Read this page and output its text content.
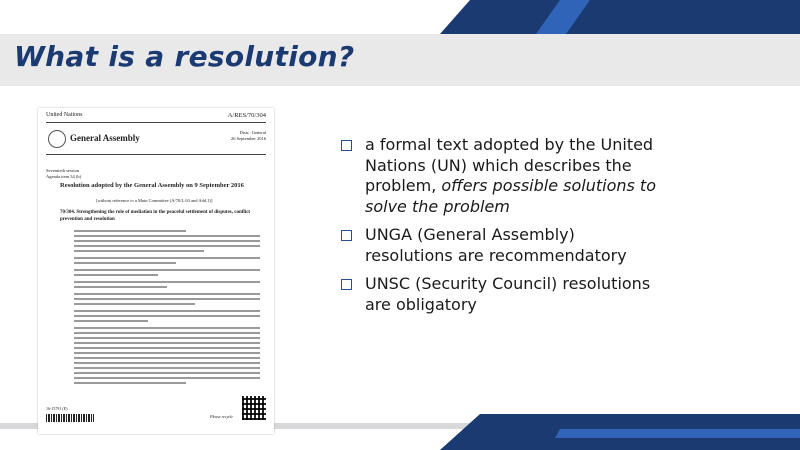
What is a resolution?
United Nations	A/RES/70/304
General Assembly
Distr.: General
26 September 2016
Seventieth session
Agenda item 34 (b)
Resolution adopted by the General Assembly on 9 September 2016
[without reference to a Main Committee (A/70/L.63 and Add.1)]
70/304. Strengthening the role of mediation in the peaceful settlement of disputes, conflict prevention and resolution
16-15791 (E)
Please recycle
a formal text adopted by the United Nations (UN) which describes the problem, offers possible solutions to solve the problem
UNGA (General Assembly) resolutions are recommendatory
UNSC (Security Council) resolutions are obligatory
